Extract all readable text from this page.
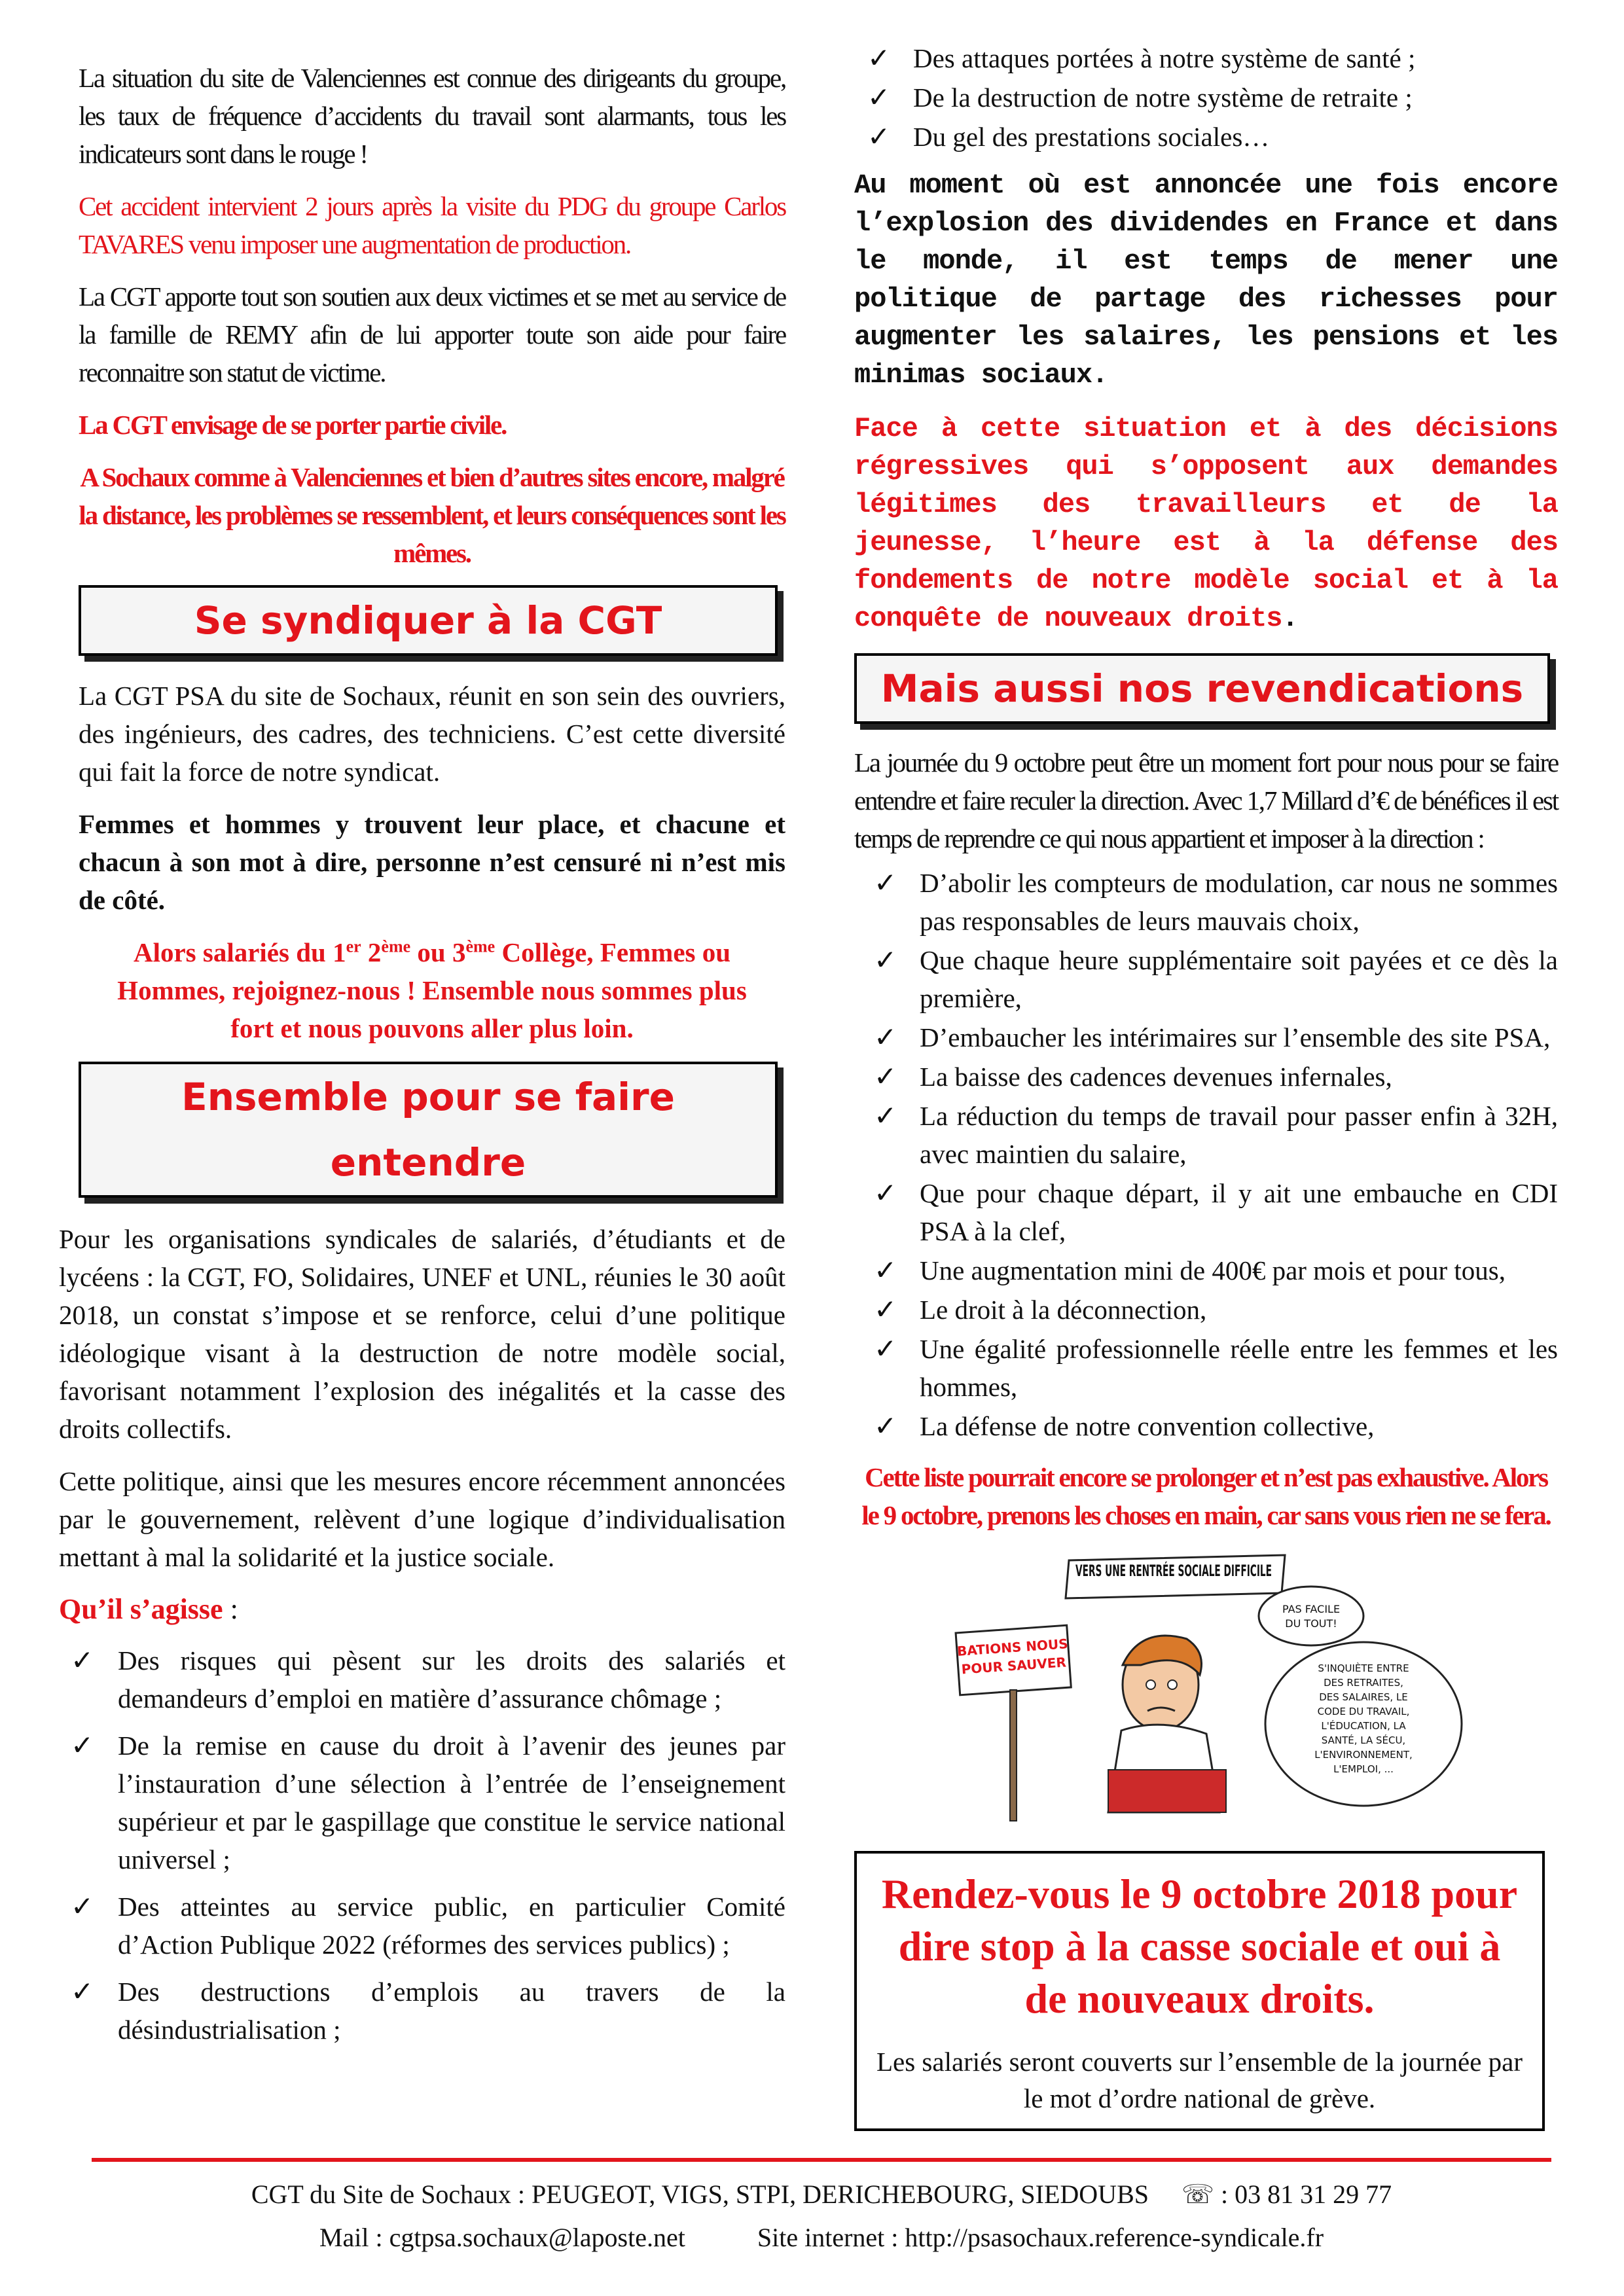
La situation du site de Valenciennes est connue des dirigeants du groupe, les taux de fréquence d’accidents du travail sont alarmants, tous les indicateurs sont dans le rouge !

Cet accident intervient 2 jours après la visite du PDG du groupe Carlos TAVARES venu imposer une augmentation de production.

La CGT apporte tout son soutien aux deux victimes et se met au service de la famille de REMY afin de lui apporter toute son aide pour faire reconnaitre son statut de victime.

La CGT envisage de se porter partie civile.

A Sochaux comme à Valenciennes et bien d’autres sites encore, malgré la distance, les problèmes se ressemblent, et leurs conséquences sont les mêmes.

Se syndiquer à la CGT

La CGT PSA du site de Sochaux, réunit en son sein des ouvriers, des ingénieurs, des cadres, des techniciens. C’est cette diversité qui fait la force de notre syndicat.

Femmes et hommes y trouvent leur place, et chacune et chacun à son mot à dire, personne n’est censuré ni n’est mis de côté.

Alors salariés du 1er 2ème ou 3ème Collège, Femmes ou Hommes, rejoignez-nous ! Ensemble nous sommes plus fort et nous pouvons aller plus loin.

Ensemble pour se faire entendre

Pour les organisations syndicales de salariés, d’étudiants et de lycéens : la CGT, FO, Solidaires, UNEF et UNL, réunies le 30 août 2018, un constat s’impose et se renforce, celui d’une politique idéologique visant à la destruction de notre modèle social, favorisant notamment l’explosion des inégalités et la casse des droits collectifs.

Cette politique, ainsi que les mesures encore récemment annoncées par le gouvernement, relèvent d’une logique d’individualisation mettant à mal la solidarité et la justice sociale.

Qu’il s’agisse :

✓ Des risques qui pèsent sur les droits des salariés et demandeurs d’emploi en matière d’assurance chômage ;
✓ De la remise en cause du droit à l’avenir des jeunes par l’instauration d’une sélection à l’entrée de l’enseignement supérieur et par le gaspillage que constitue le service national universel ;
✓ Des atteintes au service public, en particulier Comité d’Action Publique 2022 (réformes des services publics) ;
✓ Des destructions d’emplois au travers de la désindustrialisation ;
✓ Des attaques portées à notre système de santé ;
✓ De la destruction de notre système de retraite ;
✓ Du gel des prestations sociales…

Au moment où est annoncée une fois encore l’explosion des dividendes en France et dans le monde, il est temps de mener une politique de partage des richesses pour augmenter les salaires, les pensions et les minimas sociaux.

Face à cette situation et à des décisions régressives qui s’opposent aux demandes légitimes des travailleurs et de la jeunesse, l’heure est à la défense des fondements de notre modèle social et à la conquête de nouveaux droits.

Mais aussi nos revendications

La journée du 9 octobre peut être un moment fort pour nous pour se faire entendre et faire reculer la direction. Avec 1,7 Millard d’€ de bénéfices il est temps de reprendre ce qui nous appartient et imposer à la direction :

✓ D’abolir les compteurs de modulation, car nous ne sommes pas responsables de leurs mauvais choix,
✓ Que chaque heure supplémentaire soit payées et ce dès la première,
✓ D’embaucher les intérimaires sur l’ensemble des site PSA,
✓ La baisse des cadences devenues infernales,
✓ La réduction du temps de travail pour passer enfin à 32H, avec maintien du salaire,
✓ Que pour chaque départ, il y ait une embauche en CDI PSA à la clef,
✓ Une augmentation mini de 400€ par mois et pour tous,
✓ Le droit à la déconnection,
✓ Une égalité professionnelle réelle entre les femmes et les hommes,
✓ La défense de notre convention collective,

Cette liste pourrait encore se prolonger et n’est pas exhaustive. Alors le 9 octobre, prenons les choses en main, car sans vous rien ne se fera.

VERS UNE RENTRÉE SOCIALE DIFFICILE
BATIONS NOUS
POUR SAUVER
PAS FACILE
DU TOUT!
S'INQUIÈTE ENTRE
DES RETRAITES,
DES SALAIRES, LE
CODE DU TRAVAIL,
L'ÉDUCATION, LA
SANTÉ, LA SÉCU,
L'ENVIRONNEMENT,
L'EMPLOI, ...
Rendez-vous le 9 octobre 2018 pour dire stop à la casse sociale et oui à de nouveaux droits.
Les salariés seront couverts sur l’ensemble de la journée par le mot d’ordre national de grève.
CGT du Site de Sochaux : PEUGEOT, VIGS, STPI, DERICHEBOURG, SIEDOUBS ☏ : 03 81 31 29 77
Mail : cgtpsa.sochaux@laposte.net	Site internet : http://psasochaux.reference-syndicale.fr
